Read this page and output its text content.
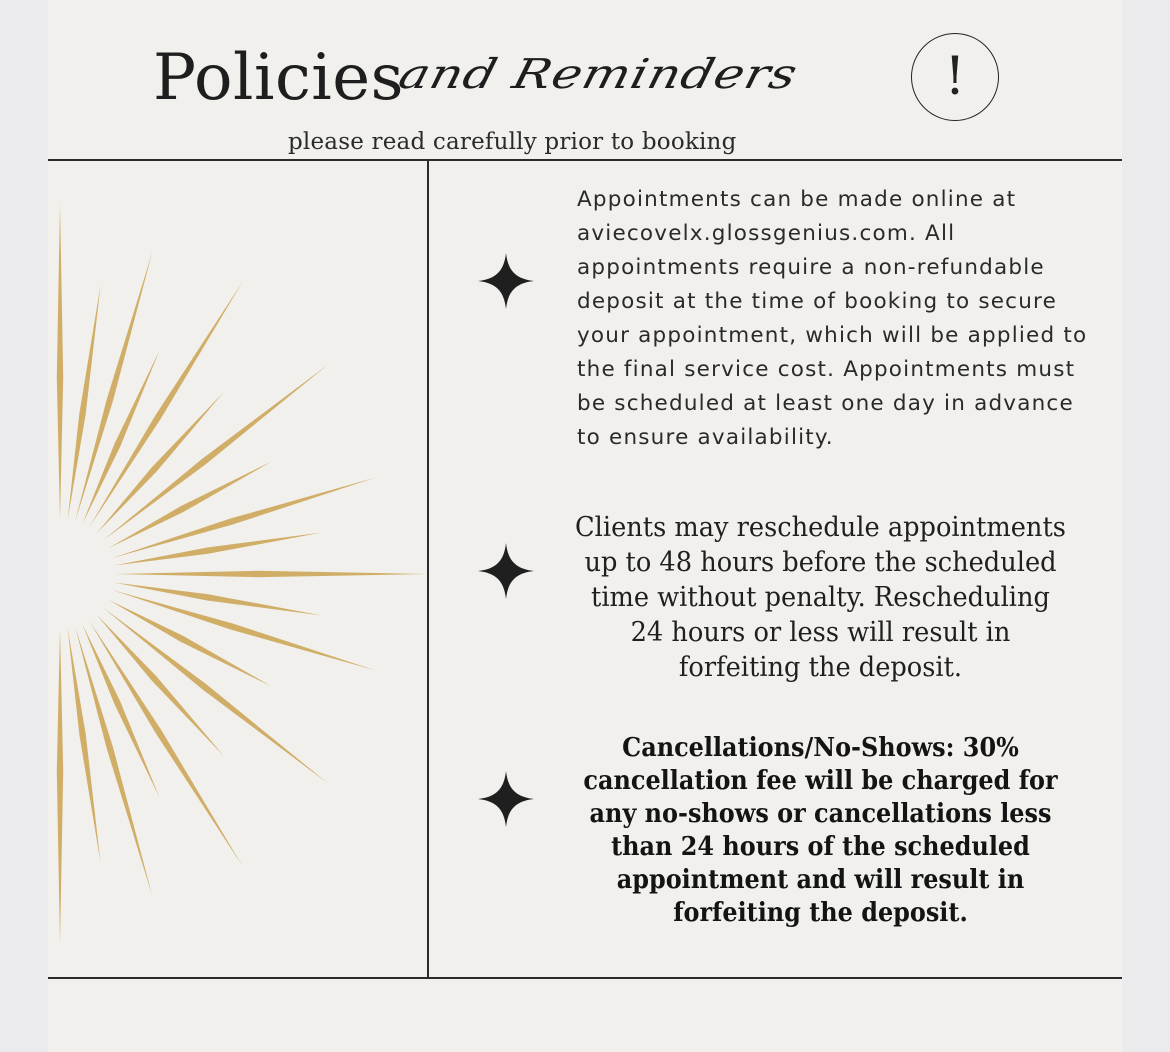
Policies
and Reminders
please read carefully prior to booking
!

Appointments can be made online at aviecovelx.glossgenius.com. All appointments require a non-refundable deposit at the time of booking to secure your appointment, which will be applied to the final service cost. Appointments must be scheduled at least one day in advance to ensure availability.

Clients may reschedule appointments up to 48 hours before the scheduled time without penalty. Rescheduling 24 hours or less will result in forfeiting the deposit.

Cancellations/No-Shows: 30% cancellation fee will be charged for any no-shows or cancellations less than 24 hours of the scheduled appointment and will result in forfeiting the deposit.
